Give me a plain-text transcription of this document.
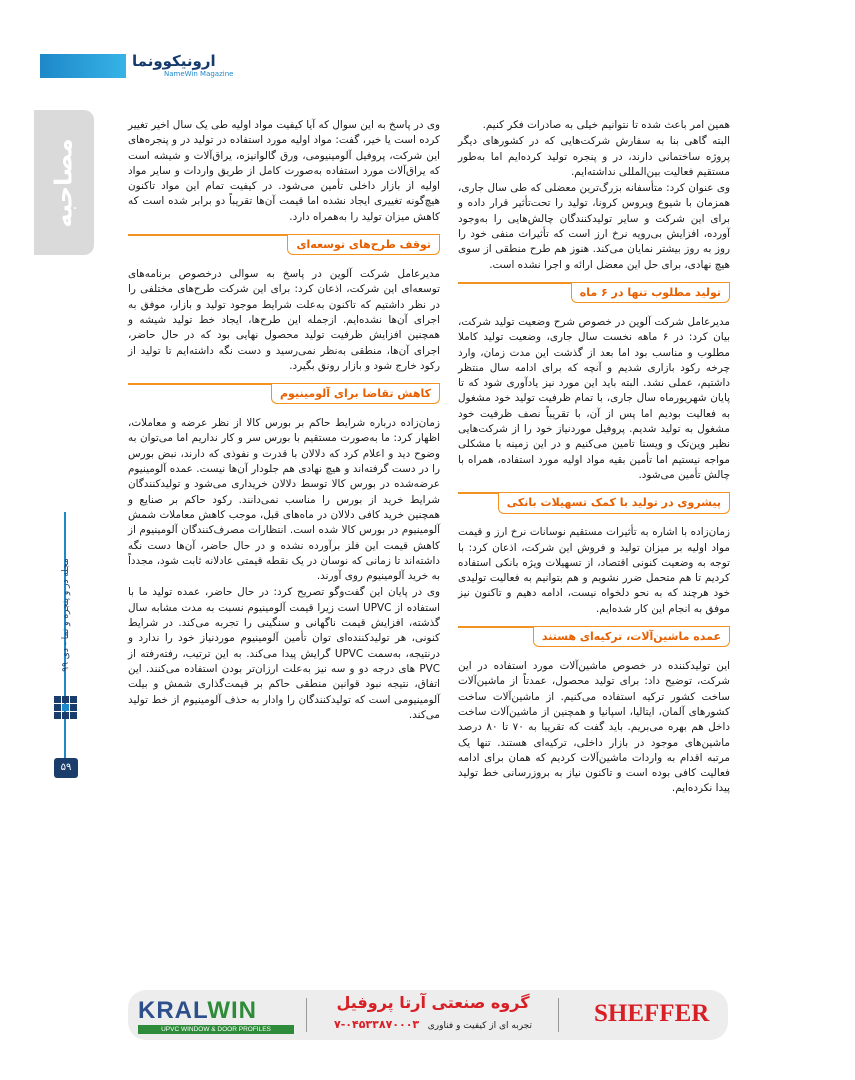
ارونیکوونما
NameWin Magazine
مصاحبه
مجله در و پنجره و نما - دی ۹۹
۵۹

همین امر باعث شده تا نتوانیم خیلی به صادرات فکر کنیم.

البته گاهی بنا به سفارش شرکت‌هایی که در کشورهای دیگر پروژه ساختمانی دارند، در و پنجره تولید کرده‌ایم اما به‌طور مستقیم فعالیت بین‌المللی نداشته‌ایم.

وی عنوان کرد: متأسفانه بزرگ‌ترین معضلی که طی سال جاری، همزمان با شیوع ویروس کرونا، تولید را تحت‌تأثیر قرار داده و برای این شرکت و سایر تولیدکنندگان چالش‌هایی را به‌وجود آورده، افزایش بی‌رویه نرخ ارز است که تأثیرات منفی خود را روز به روز بیشتر نمایان می‌کند. هنوز هم طرح منطقی از سوی هیچ نهادی، برای حل این معضل ارائه و اجرا نشده است.

تولید مطلوب تنها در ۶ ماه

مدیرعامل شرکت آلوین در خصوص شرح وضعیت تولید شرکت، بیان کرد: در ۶ ماهه نخست سال جاری، وضعیت تولید کاملا مطلوب و مناسب بود اما بعد از گذشت این مدت زمان، وارد چرخه رکود بازاری شدیم و آنچه که برای ادامه سال منتظر داشتیم، عملی نشد. البته باید این مورد نیز یادآوری شود که تا پایان شهریورماه سال جاری، با تمام ظرفیت تولید خود مشغول به فعالیت بودیم اما پس از آن، با تقریباً نصف ظرفیت خود مشغول به تولید شدیم. پروفیل موردنیاز خود را از شرکت‌هایی نظیر وین‌تک و ویستا تامین می‌کنیم و در این زمینه با مشکلی مواجه نیستیم اما تأمین بقیه مواد اولیه مورد استفاده، همراه با چالش تأمین می‌شود.

پیشروی در تولید با کمک تسهیلات بانکی

زمان‌زاده با اشاره به تأثیرات مستقیم نوسانات نرخ ارز و قیمت مواد اولیه بر میزان تولید و فروش این شرکت، اذعان کرد: با توجه به وضعیت کنونی اقتصاد، از تسهیلات ویژه بانکی استفاده کردیم تا هم متحمل ضرر نشویم و هم بتوانیم به فعالیت تولیدی خود هرچند که به نحو دلخواه نیست، ادامه دهیم و تاکنون نیز موفق به انجام این کار شده‌ایم.

عمده ماشین‌آلات، ترکیه‌ای هستند

این تولیدکننده در خصوص ماشین‌آلات مورد استفاده در این شرکت، توضیح داد: برای تولید محصول، عمدتاً از ماشین‌آلات ساخت کشور ترکیه استفاده می‌کنیم. از ماشین‌آلات ساخت کشورهای آلمان، ایتالیا، اسپانیا و همچنین از ماشین‌آلات ساخت داخل هم بهره می‌بریم. باید گفت که تقریبا به ۷۰ تا ۸۰ درصد ماشین‌های موجود در بازار داخلی، ترکیه‌ای هستند. تنها یک مرتبه اقدام به واردات ماشین‌آلات کردیم که همان برای ادامه فعالیت کافی بوده است و تاکنون نیاز به بروزرسانی خط تولید پیدا نکرده‌ایم.

وی در پاسخ به این سوال که آیا کیفیت مواد اولیه طی یک سال اخیر تغییر کرده است یا خیر، گفت: مواد اولیه مورد استفاده در تولید در و پنجره‌های این شرکت، پروفیل آلومینیومی، ورق گالوانیزه، یراق‌آلات و شیشه است که یراق‌آلات مورد استفاده به‌صورت کامل از طریق واردات و سایر مواد اولیه از بازار داخلی تأمین می‌شود. در کیفیت تمام این مواد تاکنون هیچ‌گونه تغییری ایجاد نشده اما قیمت آن‌ها تقریباً دو برابر شده است که کاهش میزان تولید را به‌همراه دارد.

توقف طرح‌های توسعه‌ای

مدیرعامل شرکت آلوین در پاسخ به سوالی درخصوص برنامه‌های توسعه‌ای این شرکت، اذعان کرد: برای این شرکت طرح‌های مختلفی را در نظر داشتیم که تاکنون به‌علت شرایط موجود تولید و بازار، موفق به اجرای آن‌ها نشده‌ایم. ازجمله این طرح‌ها، ایجاد خط تولید شیشه و همچنین افزایش ظرفیت تولید محصول نهایی بود که در حال حاضر، اجرای آن‌ها، منطقی به‌نظر نمی‌رسید و دست نگه داشته‌ایم تا تولید از رکود خارج شود و بازار رونق بگیرد.

کاهش تقاضا برای آلومینیوم

زمان‌زاده درباره شرایط حاکم بر بورس کالا از نظر عرضه و معاملات، اظهار کرد: ما به‌صورت مستقیم با بورس سر و کار نداریم اما می‌توان به وضوح دید و اعلام کرد که دلالان با قدرت و نفوذی که دارند، نبض بورس را در دست گرفته‌اند و هیچ نهادی هم جلودار آن‌ها نیست. عمده آلومینیوم عرضه‌شده در بورس کالا توسط دلالان خریداری می‌شود و تولیدکنندگان شرایط خرید از بورس را مناسب نمی‌دانند. رکود حاکم بر صنایع و همچنین خرید کافی دلالان در ماه‌های قبل، موجب کاهش معاملات شمش آلومینیوم در بورس کالا شده است. انتظارات مصرف‌کنندگان آلومینیوم از کاهش قیمت این فلز برآورده نشده و در حال حاضر، آن‌ها دست نگه داشته‌اند تا زمانی که نوسان در یک نقطه قیمتی عادلانه ثابت شود، مجدداً به خرید آلومینیوم روی آورند.

وی در پایان این گفت‌وگو تصریح کرد: در حال حاضر، عمده تولید ما با استفاده از UPVC است زیرا قیمت آلومینیوم نسبت به مدت مشابه سال گذشته، افزایش قیمت ناگهانی و سنگینی را تجربه می‌کند. در شرایط کنونی، هر تولیدکننده‌ای توان تأمین آلومینیوم موردنیاز خود را ندارد و درنتیجه، به‌سمت UPVC گرایش پیدا می‌کند. به این ترتیب، رفته‌رفته از PVC های درجه دو و سه نیز به‌علت ارزان‌تر بودن استفاده می‌کنند. این اتفاق، نتیجه نبود قوانین منطقی حاکم بر قیمت‌گذاری شمش و بیلت آلومینیومی است که تولیدکنندگان را وادار به حذف آلومینیوم از خط تولید می‌کند.

KRALWIN
UPVC WINDOW & DOOR PROFILES
گروه صنعتی آرتا پروفیل
تجربه ای از کیفیت و فناوری   ۰۴۵۳۳۸۷۰۰۰۳-۷	SHEFFER
